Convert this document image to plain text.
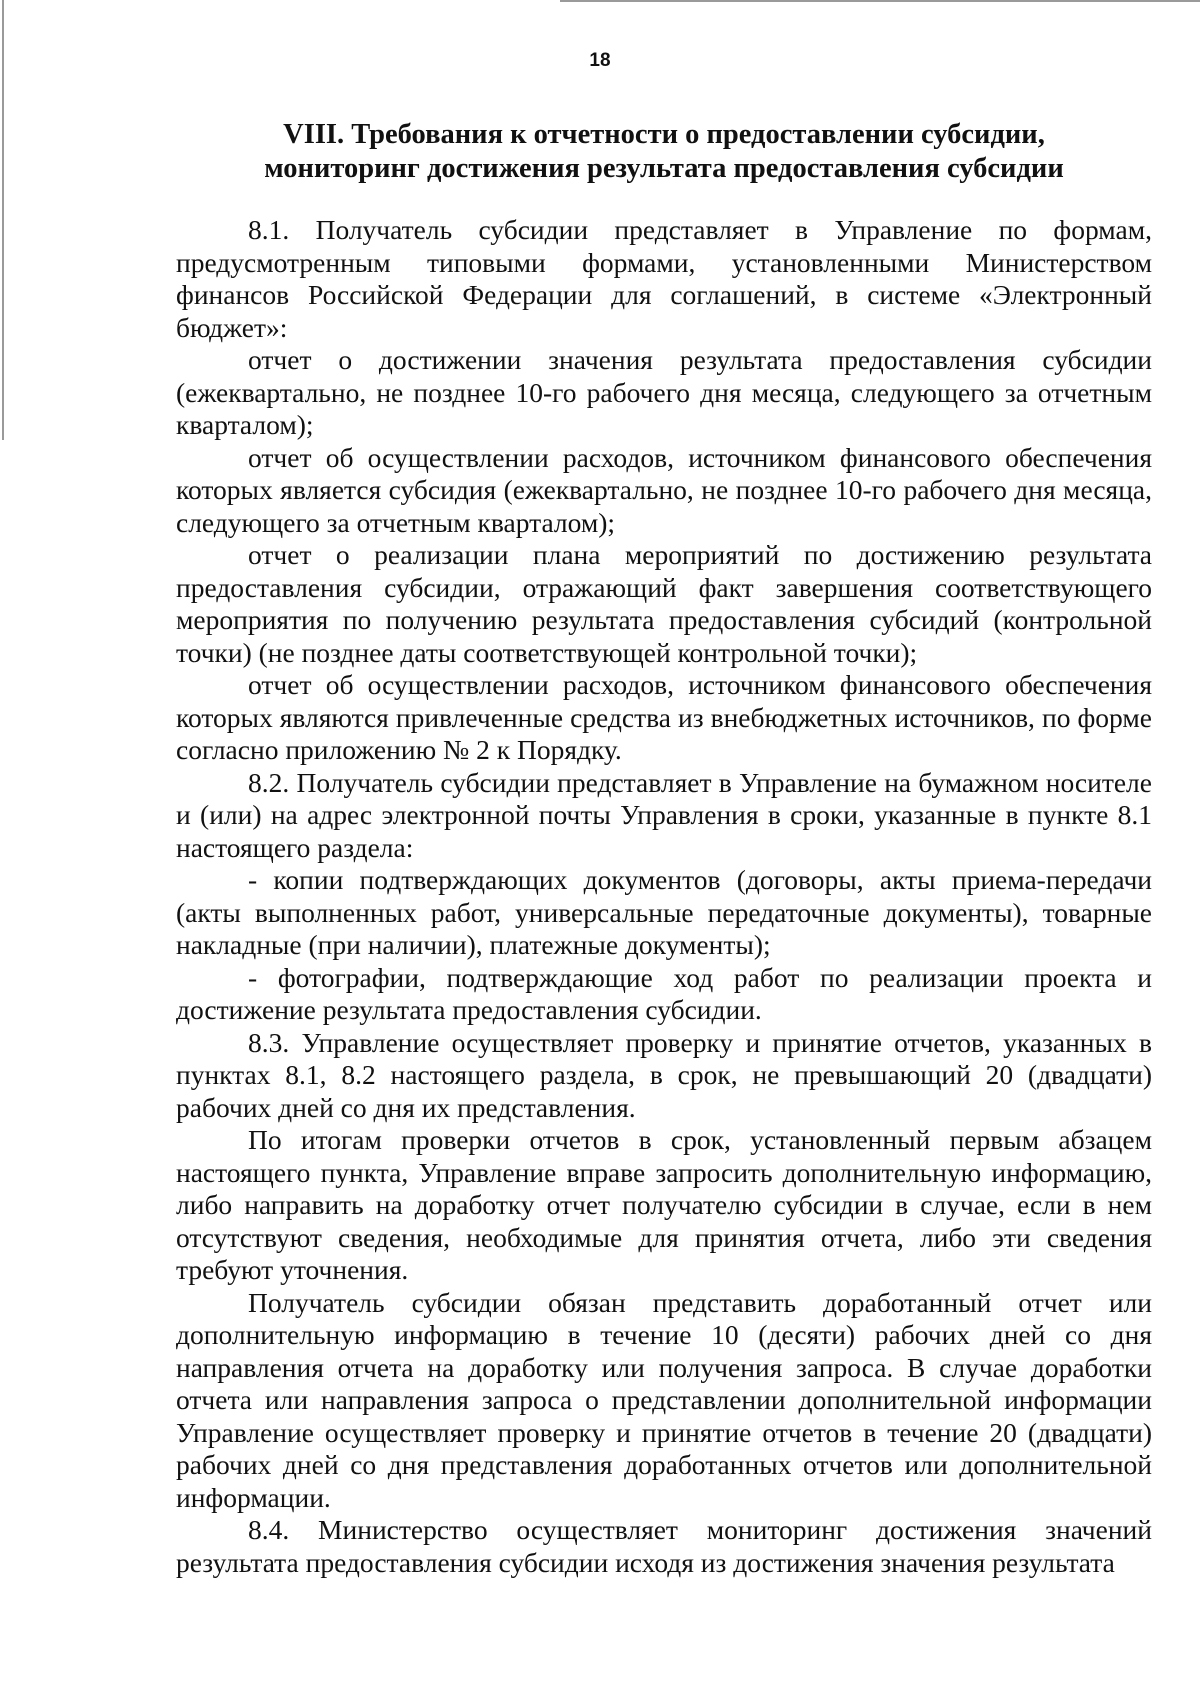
18
VIII. Требования к отчетности о предоставлении субсидии,
мониторинг достижения результата предоставления субсидии

8.1. Получатель субсидии представляет в Управление по формам, предусмотренным типовыми формами, установленными Министерством финансов Российской Федерации для соглашений, в системе «Электронный бюджет»:

отчет о достижении значения результата предоставления субсидии (ежеквартально, не позднее 10-го рабочего дня месяца, следующего за отчетным кварталом);

отчет об осуществлении расходов, источником финансового обеспечения которых является субсидия (ежеквартально, не позднее 10-го рабочего дня месяца, следующего за отчетным кварталом);

отчет о реализации плана мероприятий по достижению результата предоставления субсидии, отражающий факт завершения соответствующего мероприятия по получению результата предоставления субсидий (контрольной точки) (не позднее даты соответствующей контрольной точки);

отчет об осуществлении расходов, источником финансового обеспечения которых являются привлеченные средства из внебюджетных источников, по форме согласно приложению № 2 к Порядку.

8.2. Получатель субсидии представляет в Управление на бумажном носителе и (или) на адрес электронной почты Управления в сроки, указанные в пункте 8.1 настоящего раздела:

- копии подтверждающих документов (договоры, акты приема-передачи (акты выполненных работ, универсальные передаточные документы), товарные накладные (при наличии), платежные документы);

- фотографии, подтверждающие ход работ по реализации проекта и достижение результата предоставления субсидии.

8.3. Управление осуществляет проверку и принятие отчетов, указанных в пунктах 8.1, 8.2 настоящего раздела, в срок, не превышающий 20 (двадцати) рабочих дней со дня их представления.

По итогам проверки отчетов в срок, установленный первым абзацем настоящего пункта, Управление вправе запросить дополнительную информацию, либо направить на доработку отчет получателю субсидии в случае, если в нем отсутствуют сведения, необходимые для принятия отчета, либо эти сведения требуют уточнения.

Получатель субсидии обязан представить доработанный отчет или дополнительную информацию в течение 10 (десяти) рабочих дней со дня направления отчета на доработку или получения запроса. В случае доработки отчета или направления запроса о представлении дополнительной информации Управление осуществляет проверку и принятие отчетов в течение 20 (двадцати) рабочих дней со дня представления доработанных отчетов или дополнительной информации.

8.4. Министерство осуществляет мониторинг достижения значений результата предоставления субсидии исходя из достижения значения результата
